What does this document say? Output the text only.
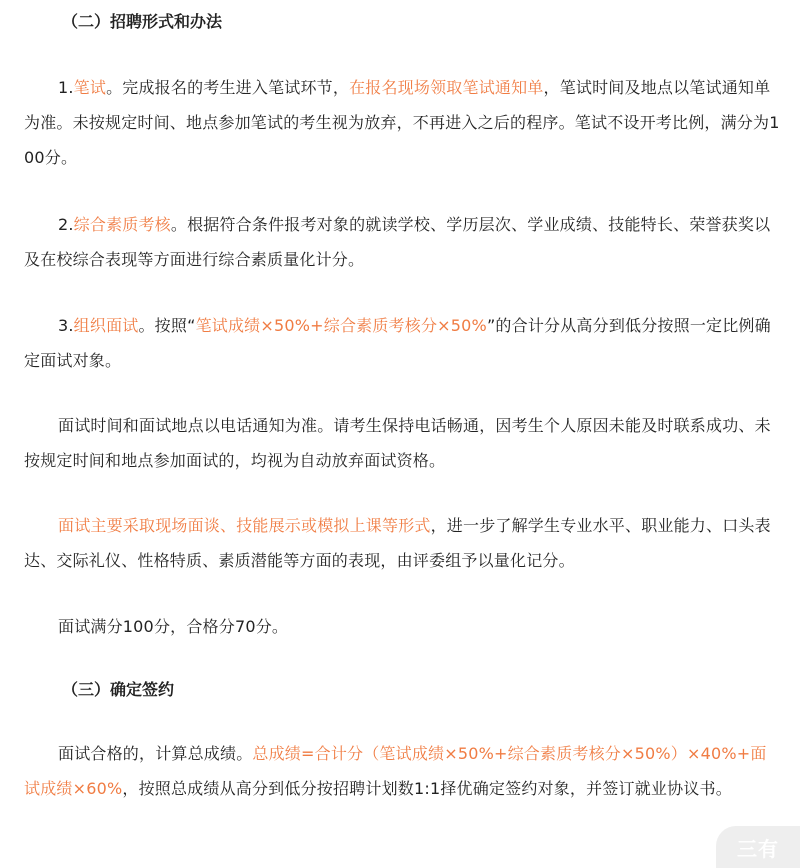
（二）招聘形式和办法

1.笔试。完成报名的考生进入笔试环节，在报名现场领取笔试通知单，笔试时间及地点以笔试通知单为准。未按规定时间、地点参加笔试的考生视为放弃，不再进入之后的程序。笔试不设开考比例，满分为100分。

2.综合素质考核。根据符合条件报考对象的就读学校、学历层次、学业成绩、技能特长、荣誉获奖以及在校综合表现等方面进行综合素质量化计分。

3.组织面试。按照“笔试成绩×50%+综合素质考核分×50%”的合计分从高分到低分按照一定比例确定面试对象。

面试时间和面试地点以电话通知为准。请考生保持电话畅通，因考生个人原因未能及时联系成功、未按规定时间和地点参加面试的，均视为自动放弃面试资格。

面试主要采取现场面谈、技能展示或模拟上课等形式，进一步了解学生专业水平、职业能力、口头表达、交际礼仪、性格特质、素质潜能等方面的表现，由评委组予以量化记分。

面试满分100分，合格分70分。

（三）确定签约

面试合格的，计算总成绩。总成绩=合计分（笔试成绩×50%+综合素质考核分×50%）×40%+面试成绩×60%，按照总成绩从高分到低分按招聘计划数1:1择优确定签约对象，并签订就业协议书。

三有
